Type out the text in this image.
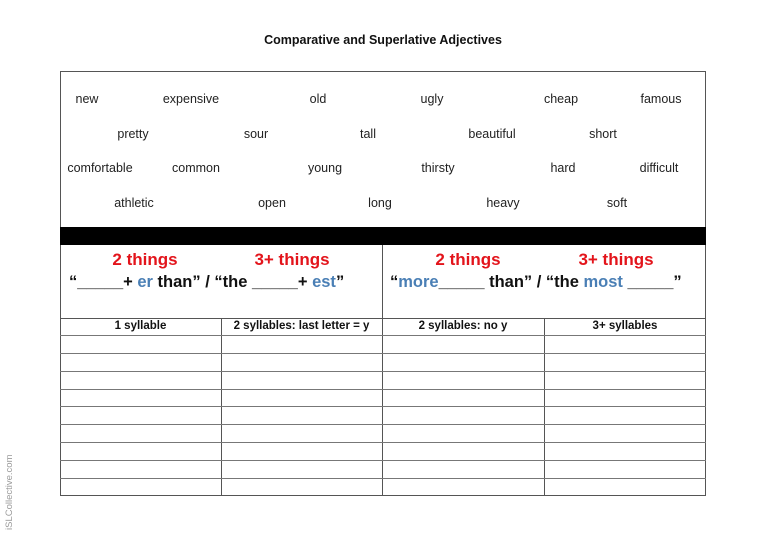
Comparative and Superlative Adjectives
new	expensive	old	ugly	cheap	famous
pretty	sour	tall	beautiful	short
comfortable	common	young	thirsty	hard	difficult
athletic	open	long	heavy	soft
2 things	3+ things
“_____+ er than” / “the _____+ est”
2 things	3+ things
“more_____ than” / “the most _____”
1 syllable	2 syllables: last letter = y	2 syllables: no y	3+ syllables
iSLCollective.com
